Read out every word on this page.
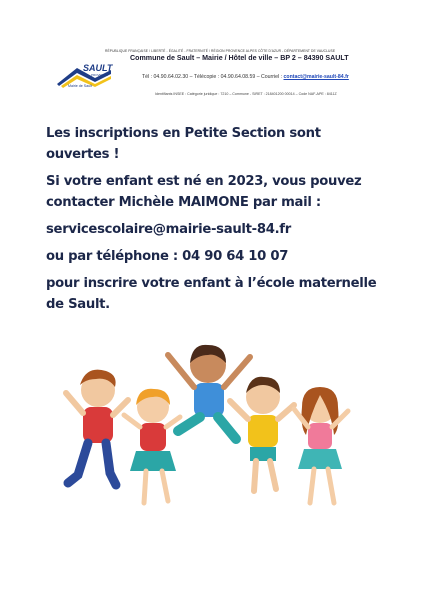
RÉPUBLIQUE FRANÇAISE / LIBERTÉ - ÉGALITÉ - FRATERNITÉ / RÉGION PROVENCE ALPES CÔTE D'AZUR - DÉPARTEMENT DE VAUCLUSE
Commune de Sault – Mairie / Hôtel de ville – BP 2 – 84390 SAULT
Tél : 04.90.64.02.30 – Télécopie : 04.90.64.08.59 – Courriel : contact@mairie-sault-84.fr
Identifiants INSEE : Catégorie juridique : 7210 – Commune - SIRET : 218401200 00014 – Code NAF-APE : 8411Z
SAULT
PROVENCE
Mairie de Sault
Les inscriptions en Petite Section sont
ouvertes !
Si votre enfant est né en 2023, vous pouvez
contacter Michèle MAIMONE par mail :
servicescolaire@mairie-sault-84.fr
ou par téléphone : 04 90 64 10 07
pour inscrire votre enfant à l’école maternelle
de Sault.
